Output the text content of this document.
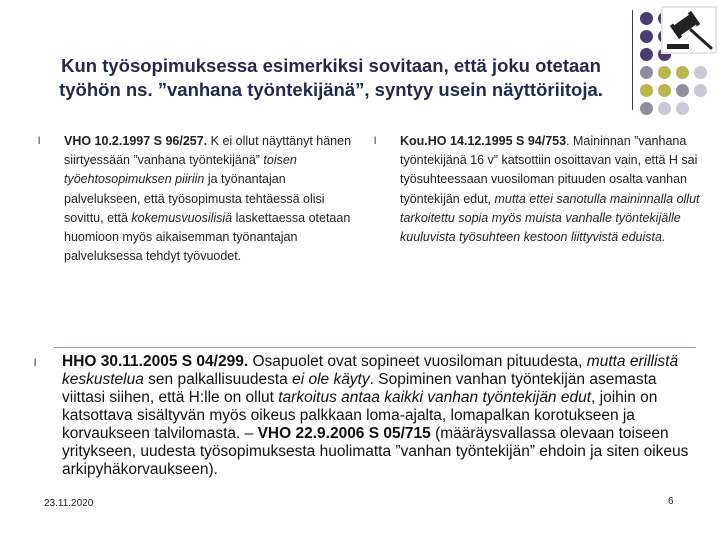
Kun työsopimuksessa esimerkiksi sovitaan, että joku otetaan
työhön ns. ”vanhana työntekijänä”, syntyy usein näyttöriitoja.
l VHO 10.2.1997 S 96/257. K ei ollut näyttänyt hänen siirtyessään ”vanhana työntekijänä” toisen työehtosopimuksen piiriin ja työnantajan palvelukseen, että työsopimusta tehtäessä olisi sovittu, että kokemusvuosilisiä laskettaessa otetaan huomioon myös aikaisemman työnantajan palveluksessa tehdyt työvuodet.
l Kou.HO 14.12.1995 S 94/753. Maininnan ”vanhana työntekijänä 16 v” katsottiin osoittavan vain, että H sai työsuhteessaan vuosiloman pituuden osalta vanhan työntekijän edut, mutta ettei sanotulla maininnalla ollut tarkoitettu sopia myös muista vanhalle työntekijälle kuuluvista työsuhteen kestoon liittyvistä eduista.
l HHO 30.11.2005 S 04/299. Osapuolet ovat sopineet vuosiloman pituudesta, mutta erillistä keskustelua sen palkallisuudesta ei ole käyty. Sopiminen vanhan työntekijän asemasta viittasi siihen, että H:lle on ollut tarkoitus antaa kaikki vanhan työntekijän edut, joihin on katsottava sisältyvän myös oikeus palkkaan loma-ajalta, lomapalkan korotukseen ja korvaukseen talvilomasta. – VHO 22.9.2006 S 05/715 (määräysvallassa olevaan toiseen yritykseen, uudesta työsopimuksesta huolimatta ”vanhan työntekijän” ehdoin ja siten oikeus arkipyhäkorvaukseen).
23.11.2020	6
